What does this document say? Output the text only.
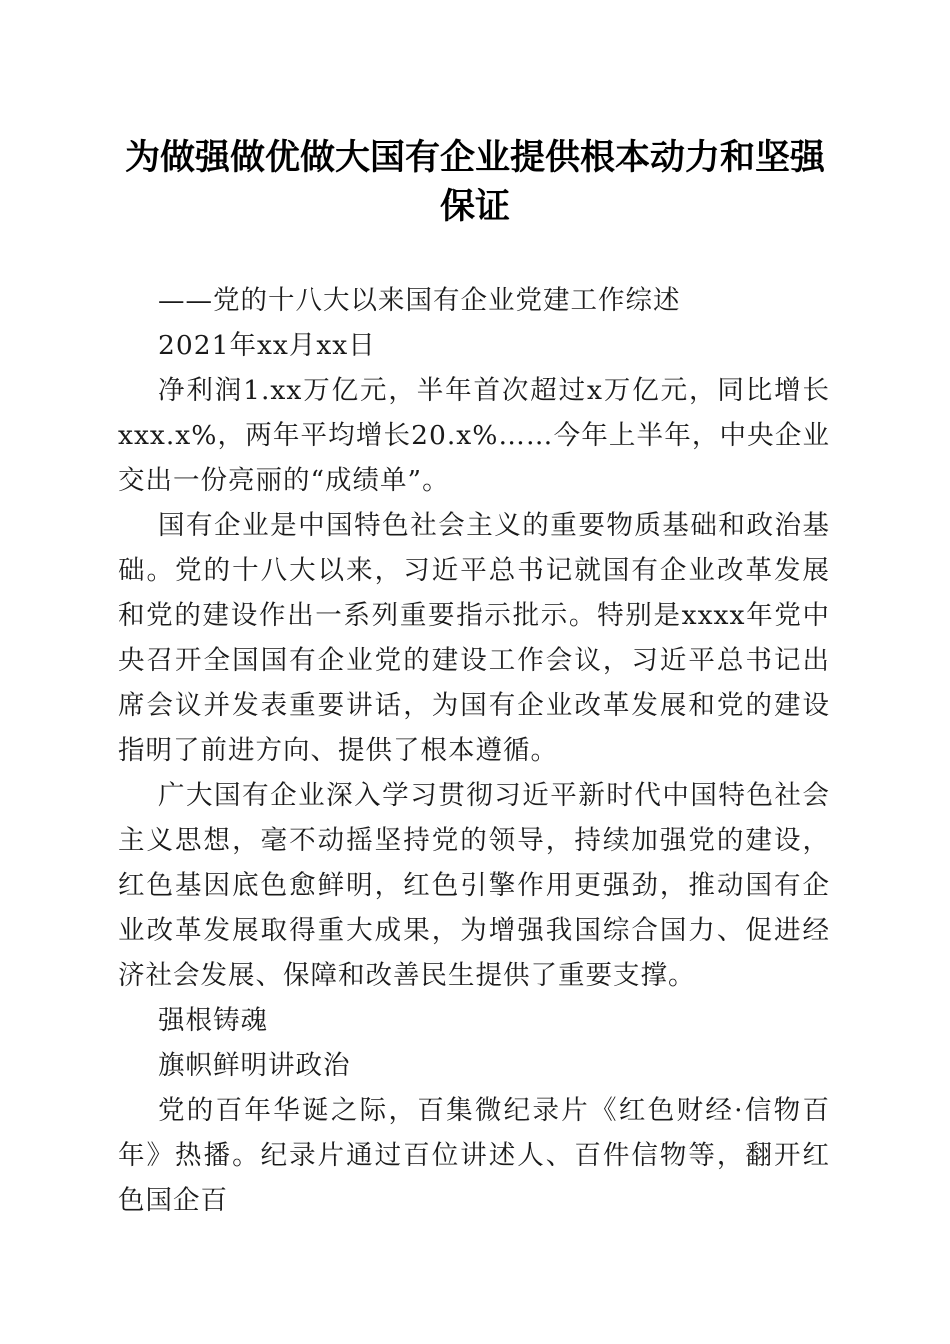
为做强做优做大国有企业提供根本动力和坚强保证

——党的十八大以来国有企业党建工作综述

2021年xx月xx日

净利润1.xx万亿元，半年首次超过x万亿元，同比增长xxx.x%，两年平均增长20.x%……今年上半年，中央企业交出一份亮丽的“成绩单”。

国有企业是中国特色社会主义的重要物质基础和政治基础。党的十八大以来，习近平总书记就国有企业改革发展和党的建设作出一系列重要指示批示。特别是xxxx年党中央召开全国国有企业党的建设工作会议，习近平总书记出席会议并发表重要讲话，为国有企业改革发展和党的建设指明了前进方向、提供了根本遵循。

广大国有企业深入学习贯彻习近平新时代中国特色社会主义思想，毫不动摇坚持党的领导，持续加强党的建设，红色基因底色愈鲜明，红色引擎作用更强劲，推动国有企业改革发展取得重大成果，为增强我国综合国力、促进经济社会发展、保障和改善民生提供了重要支撑。

强根铸魂

旗帜鲜明讲政治

党的百年华诞之际，百集微纪录片《红色财经·信物百年》热播。纪录片通过百位讲述人、百件信物等，翻开红色国企百
